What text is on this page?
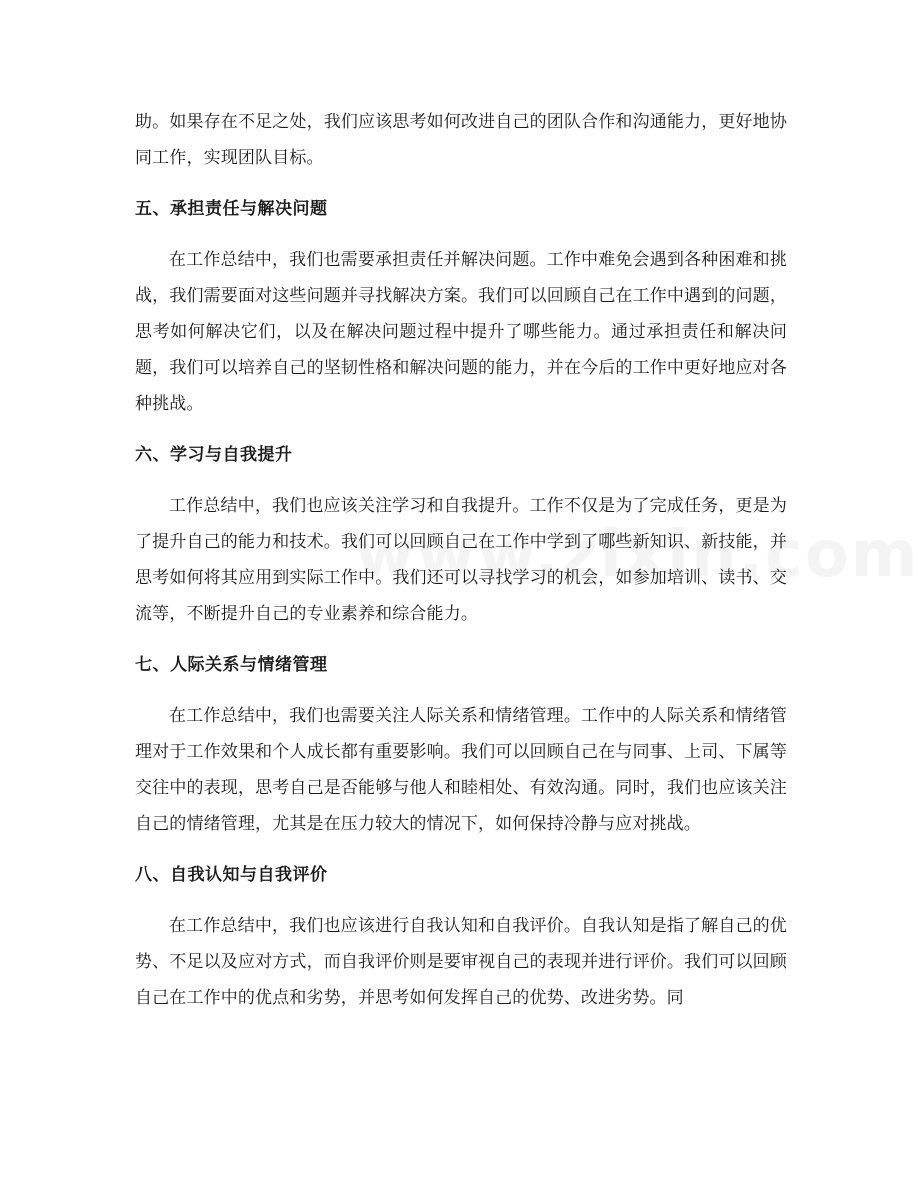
助。如果存在不足之处，我们应该思考如何改进自己的团队合作和沟通能力，更好地协同工作，实现团队目标。

五、承担责任与解决问题

在工作总结中，我们也需要承担责任并解决问题。工作中难免会遇到各种困难和挑战，我们需要面对这些问题并寻找解决方案。我们可以回顾自己在工作中遇到的问题，思考如何解决它们，以及在解决问题过程中提升了哪些能力。通过承担责任和解决问题，我们可以培养自己的坚韧性格和解决问题的能力，并在今后的工作中更好地应对各种挑战。

六、学习与自我提升

工作总结中，我们也应该关注学习和自我提升。工作不仅是为了完成任务，更是为了提升自己的能力和技术。我们可以回顾自己在工作中学到了哪些新知识、新技能，并思考如何将其应用到实际工作中。我们还可以寻找学习的机会，如参加培训、读书、交流等，不断提升自己的专业素养和综合能力。

七、人际关系与情绪管理

在工作总结中，我们也需要关注人际关系和情绪管理。工作中的人际关系和情绪管理对于工作效果和个人成长都有重要影响。我们可以回顾自己在与同事、上司、下属等交往中的表现，思考自己是否能够与他人和睦相处、有效沟通。同时，我们也应该关注自己的情绪管理，尤其是在压力较大的情况下，如何保持冷静与应对挑战。

八、自我认知与自我评价

在工作总结中，我们也应该进行自我认知和自我评价。自我认知是指了解自己的优势、不足以及应对方式，而自我评价则是要审视自己的表现并进行评价。我们可以回顾自己在工作中的优点和劣势，并思考如何发挥自己的优势、改进劣势。同
